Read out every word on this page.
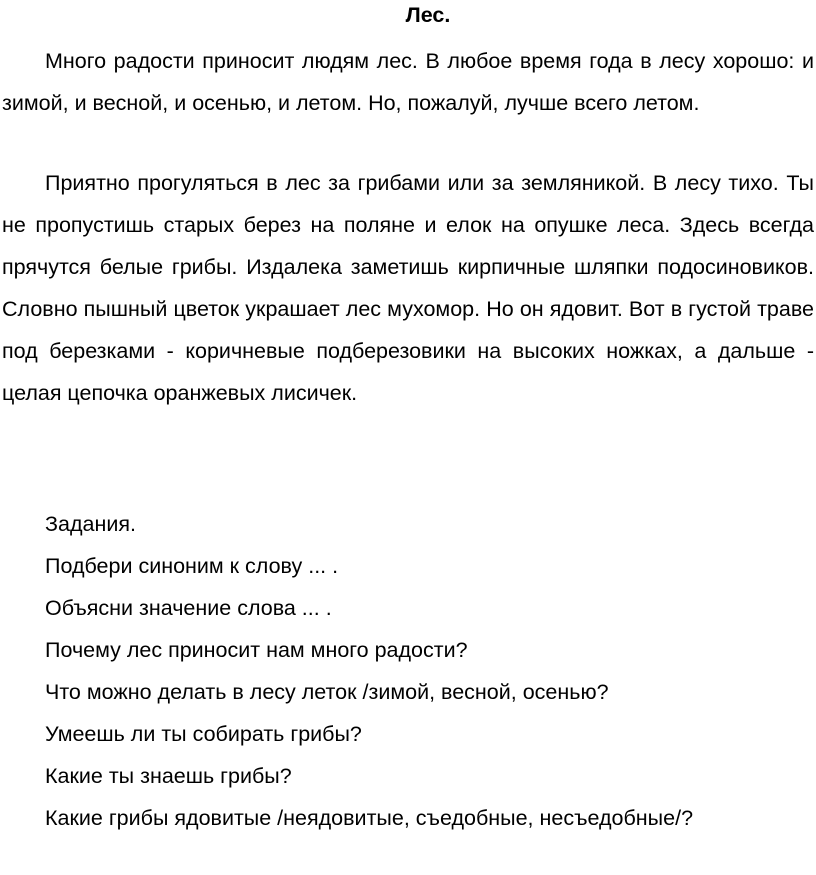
Лес.

Много радости приносит людям лес. В любое время года в лесу хорошо: и зимой, и весной, и осенью, и летом. Но, пожалуй, лучше всего летом.

Приятно прогуляться в лес за грибами или за земляникой. В лесу тихо. Ты не пропустишь старых берез на поляне и елок на опушке леса. Здесь всегда прячутся белые грибы. Издалека заметишь кирпичные шляпки подосиновиков. Словно пышный цветок украшает лес мухомор. Но он ядовит. Вот в густой траве под березками - коричневые подберезовики на высоких ножках, а дальше - целая цепочка оранжевых лисичек.

Задания.
Подбери синоним к слову ... .
Объясни значение слова ... .
Почему лес приносит нам много радости?
Что можно делать в лесу леток /зимой, весной, осенью?
Умеешь ли ты собирать грибы?
Какие ты знаешь грибы?
Какие грибы ядовитые /неядовитые, съедобные, несъедобные/?
